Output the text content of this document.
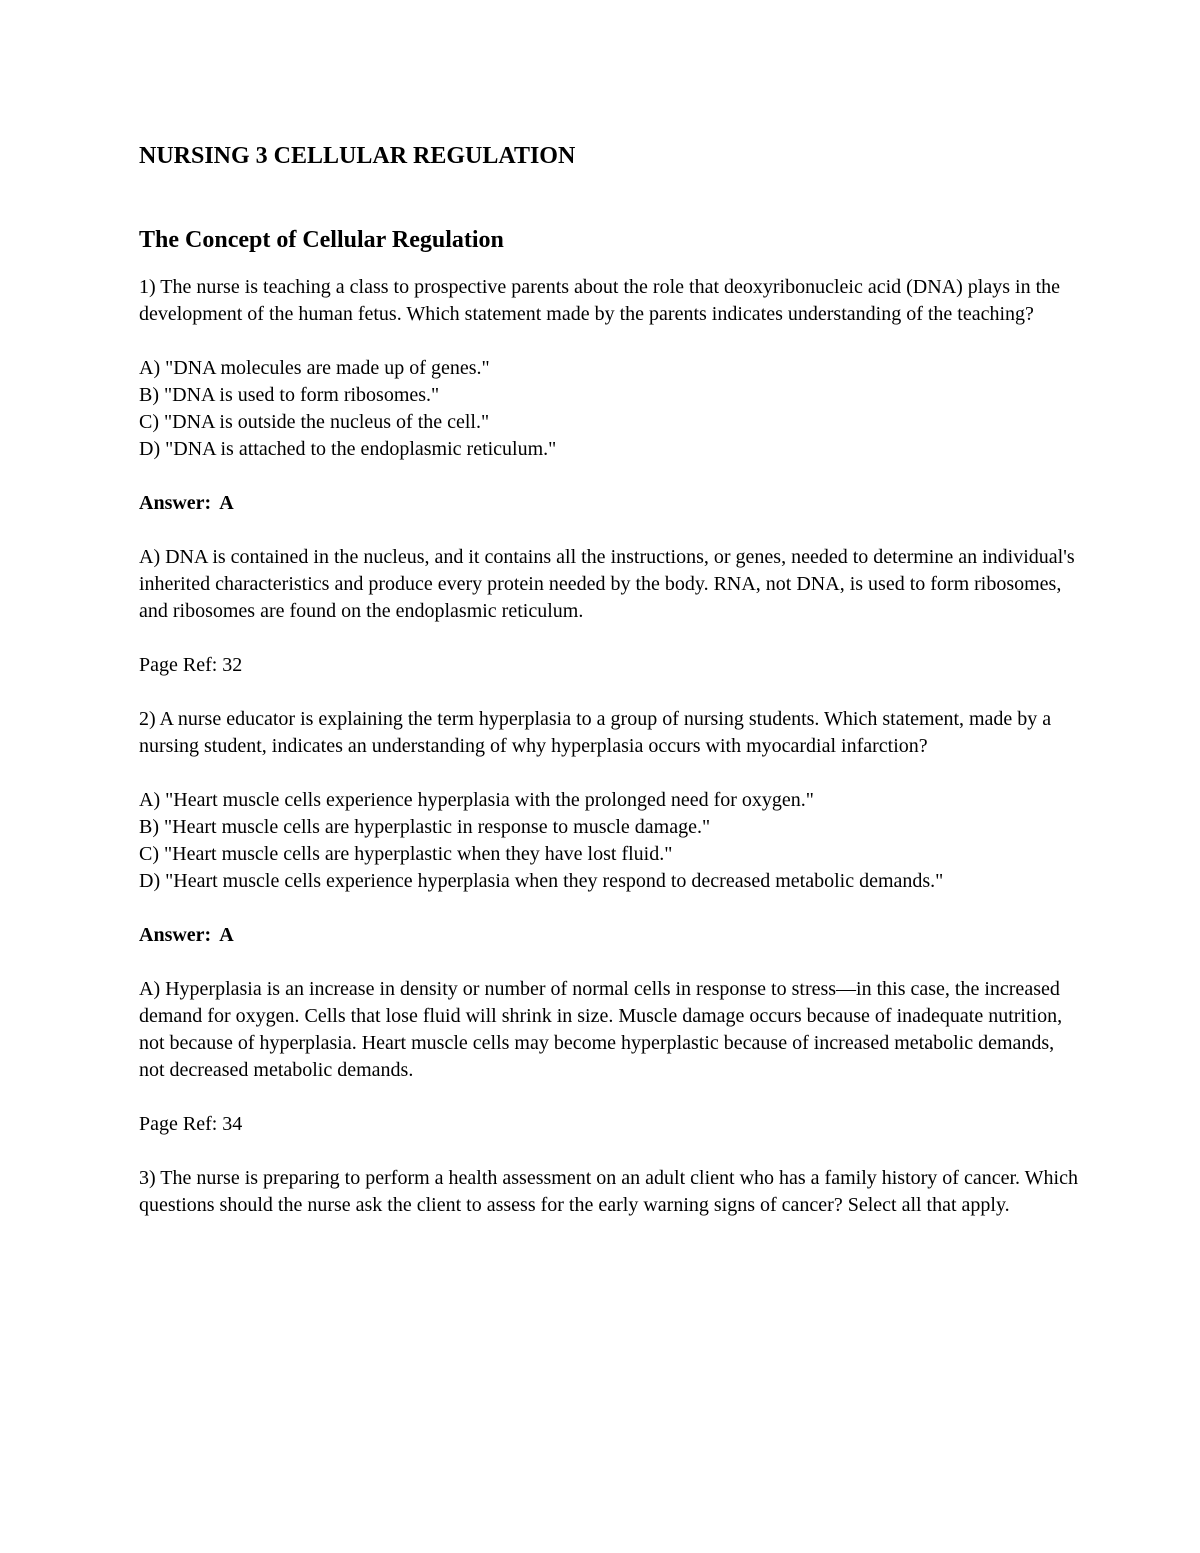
NURSING 3 CELLULAR REGULATION
The Concept of Cellular Regulation

1) The nurse is teaching a class to prospective parents about the role that deoxyribonucleic acid (DNA) plays in the development of the human fetus. Which statement made by the parents indicates understanding of the teaching?

A) "DNA molecules are made up of genes."
B) "DNA is used to form ribosomes."
C) "DNA is outside the nucleus of the cell."
D) "DNA is attached to the endoplasmic reticulum."

Answer: A

A) DNA is contained in the nucleus, and it contains all the instructions, or genes, needed to determine an individual's inherited characteristics and produce every protein needed by the body. RNA, not DNA, is used to form ribosomes, and ribosomes are found on the endoplasmic reticulum.

Page Ref: 32

2) A nurse educator is explaining the term hyperplasia to a group of nursing students. Which statement, made by a nursing student, indicates an understanding of why hyperplasia occurs with myocardial infarction?

A) "Heart muscle cells experience hyperplasia with the prolonged need for oxygen."
B) "Heart muscle cells are hyperplastic in response to muscle damage."
C) "Heart muscle cells are hyperplastic when they have lost fluid."
D) "Heart muscle cells experience hyperplasia when they respond to decreased metabolic demands."

Answer: A

A) Hyperplasia is an increase in density or number of normal cells in response to stress—in this case, the increased demand for oxygen. Cells that lose fluid will shrink in size. Muscle damage occurs because of inadequate nutrition, not because of hyperplasia. Heart muscle cells may become hyperplastic because of increased metabolic demands, not decreased metabolic demands.

Page Ref: 34

3) The nurse is preparing to perform a health assessment on an adult client who has a family history of cancer. Which questions should the nurse ask the client to assess for the early warning signs of cancer? Select all that apply.
